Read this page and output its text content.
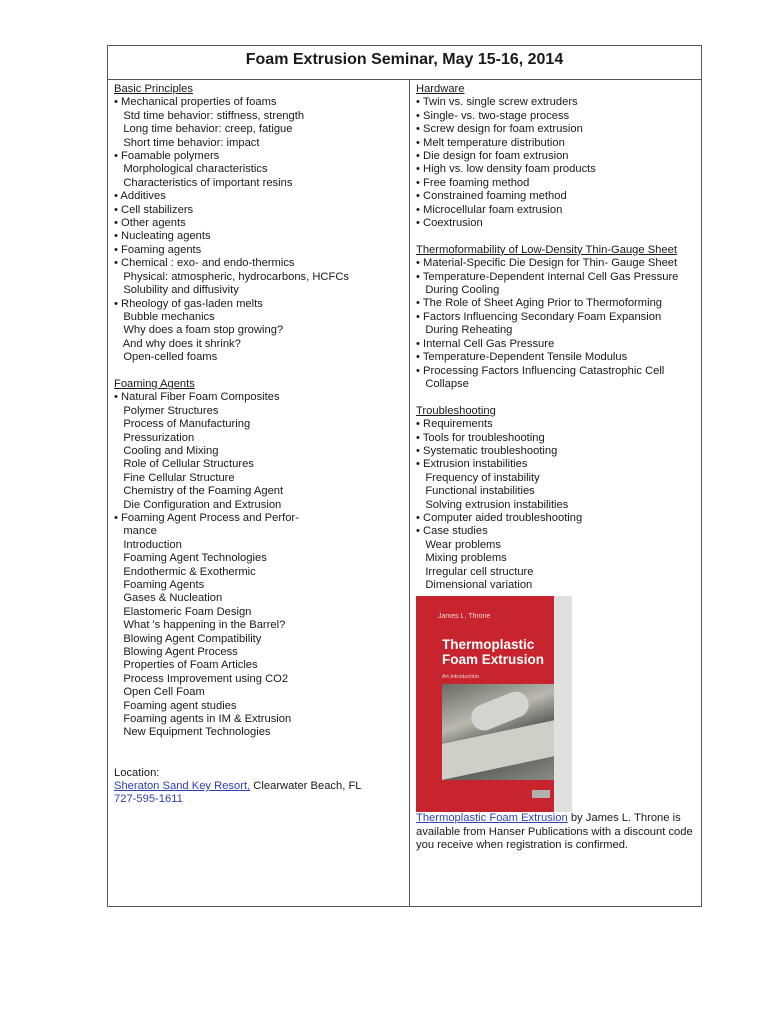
Foam Extrusion Seminar, May 15-16, 2014
Basic Principles
• Mechanical properties of foams
Std time behavior: stiffness, strength
Long time behavior: creep, fatigue
Short time behavior: impact
• Foamable polymers
Morphological characteristics
Characteristics of important resins
• Additives
• Cell stabilizers
• Other agents
• Nucleating agents
• Foaming agents
• Chemical : exo- and endo-thermics
Physical: atmospheric, hydrocarbons, HCFCs
Solubility and diffusivity
• Rheology of gas-laden melts
Bubble mechanics
Why does a foam stop growing?
And why does it shrink?
Open-celled foams
Foaming Agents
• Natural Fiber Foam Composites
Polymer Structures
Process of Manufacturing
Pressurization
Cooling and Mixing
Role of Cellular Structures
Fine Cellular Structure
Chemistry of the Foaming Agent
Die Configuration and Extrusion
• Foaming Agent Process and Perfor-
mance
Introduction
Foaming Agent Technologies
Endothermic & Exothermic
Foaming Agents
Gases & Nucleation
Elastomeric Foam Design
What 's happening in the Barrel?
Blowing Agent Compatibility
Blowing Agent Process
Properties of Foam Articles
Process Improvement using CO2
Open Cell Foam
Foaming agent studies
Foaming agents in IM & Extrusion
New Equipment Technologies
Location:
Sheraton Sand Key Resort, Clearwater Beach, FL
727-595-1611
Hardware
• Twin vs. single screw extruders
• Single- vs. two-stage process
• Screw design for foam extrusion
• Melt temperature distribution
• Die design for foam extrusion
• High vs. low density foam products
• Free foaming method
• Constrained foaming method
• Microcellular foam extrusion
• Coextrusion
Thermoformability of Low-Density Thin-Gauge Sheet
• Material-Specific Die Design for Thin- Gauge Sheet
• Temperature-Dependent Internal Cell Gas Pressure
During Cooling
• The Role of Sheet Aging Prior to Thermoforming
• Factors Influencing Secondary Foam Expansion
During Reheating
• Internal Cell Gas Pressure
• Temperature-Dependent Tensile Modulus
• Processing Factors Influencing Catastrophic Cell
Collapse
Troubleshooting
• Requirements
• Tools for troubleshooting
• Systematic troubleshooting
• Extrusion instabilities
Frequency of instability
Functional instabilities
Solving extrusion instabilities
• Computer aided troubleshooting
• Case studies
Wear problems
Mixing problems
Irregular cell structure
Dimensional variation
James L. Throne
Thermoplastic Foam Extrusion
An Introduction
Thermoplastic Foam Extrusion by James L. Throne is
available from Hanser Publications with a discount code
you receive when registration is confirmed.
